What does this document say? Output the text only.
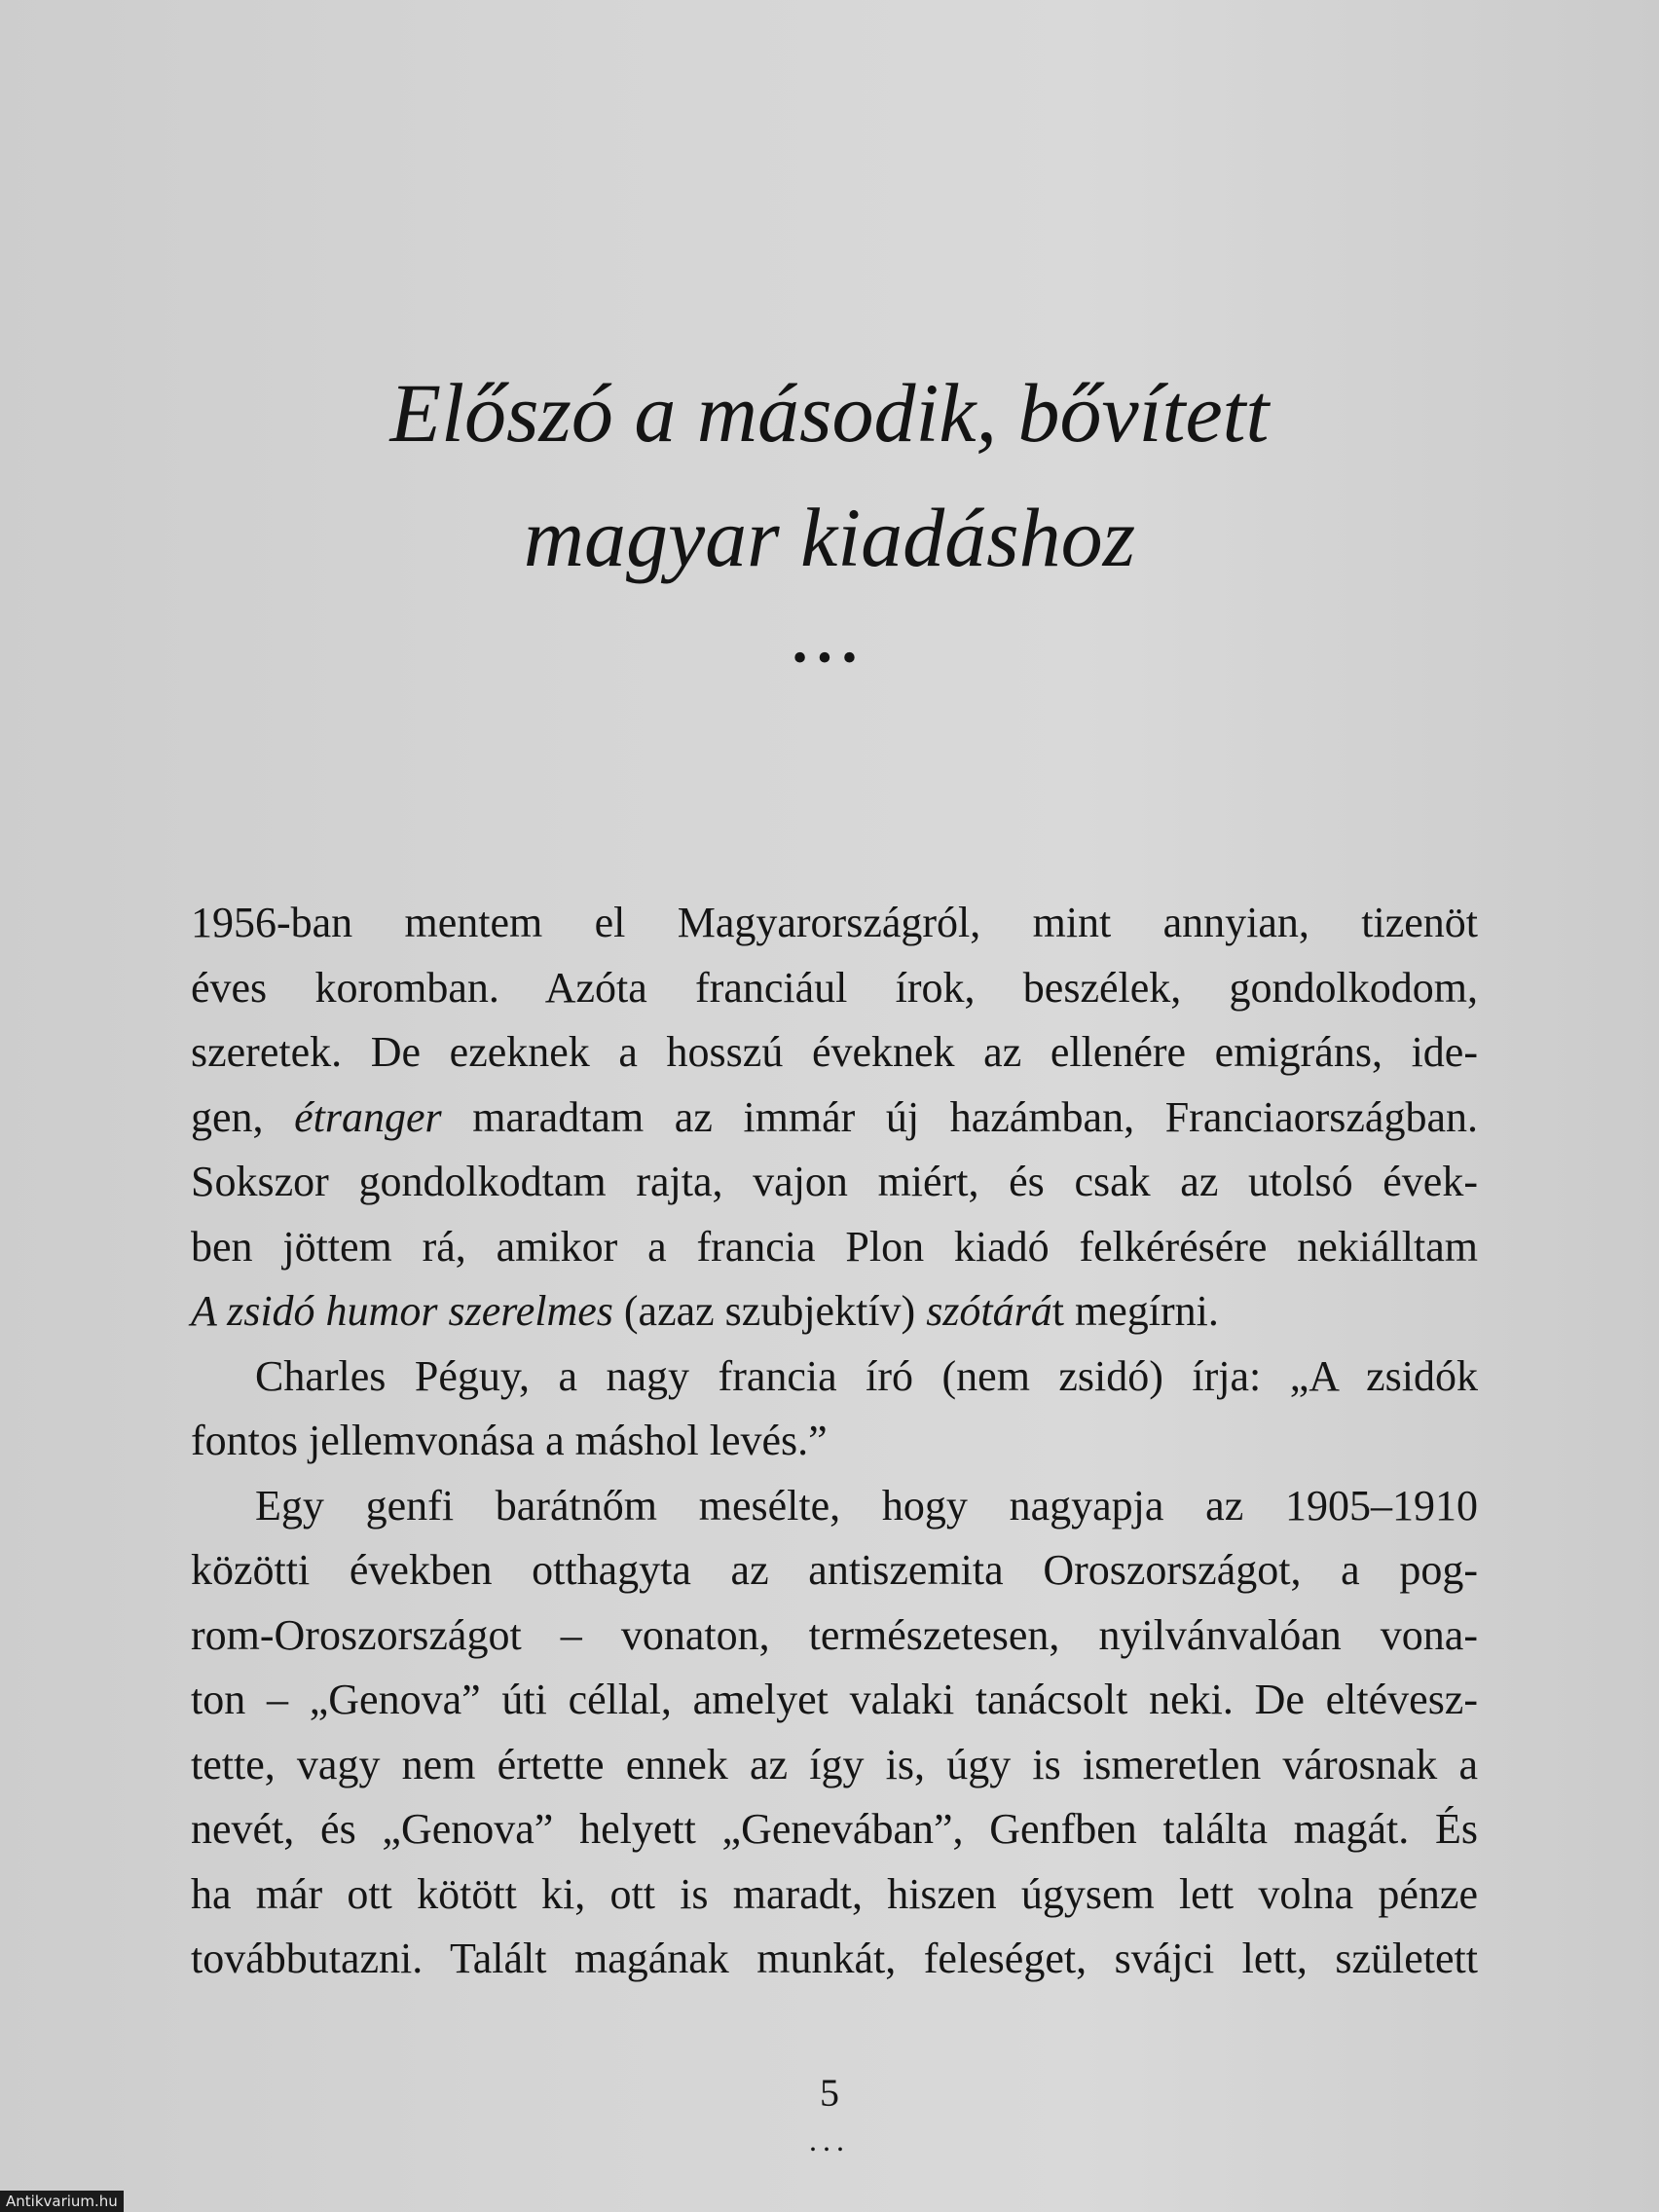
Előszó a második, bővített
magyar kiadáshoz
•••
1956-ban mentem el Magyarországról, mint annyian, tizenöt
éves koromban. Azóta franciául írok, beszélek, gondolkodom,
szeretek. De ezeknek a hosszú éveknek az ellenére emigráns, ide-
gen, étranger maradtam az immár új hazámban, Franciaországban.
Sokszor gondolkodtam rajta, vajon miért, és csak az utolsó évek-
ben jöttem rá, amikor a francia Plon kiadó felkérésére nekiálltam
A zsidó humor szerelmes (azaz szubjektív) szótárát megírni.
Charles Péguy, a nagy francia író (nem zsidó) írja: „A zsidók
fontos jellemvonása a máshol levés.”
Egy genfi barátnőm mesélte, hogy nagyapja az 1905–1910
közötti években otthagyta az antiszemita Oroszországot, a pog-
rom-Oroszországot – vonaton, természetesen, nyilvánvalóan vona-
ton – „Genova” úti céllal, amelyet valaki tanácsolt neki. De eltévesz-
tette, vagy nem értette ennek az így is, úgy is ismeretlen városnak a
nevét, és „Genova” helyett „Genevában”, Genfben találta magát. És
ha már ott kötött ki, ott is maradt, hiszen úgysem lett volna pénze
továbbutazni. Talált magának munkát, feleséget, svájci lett, született
5
...
Antikvarium.hu
